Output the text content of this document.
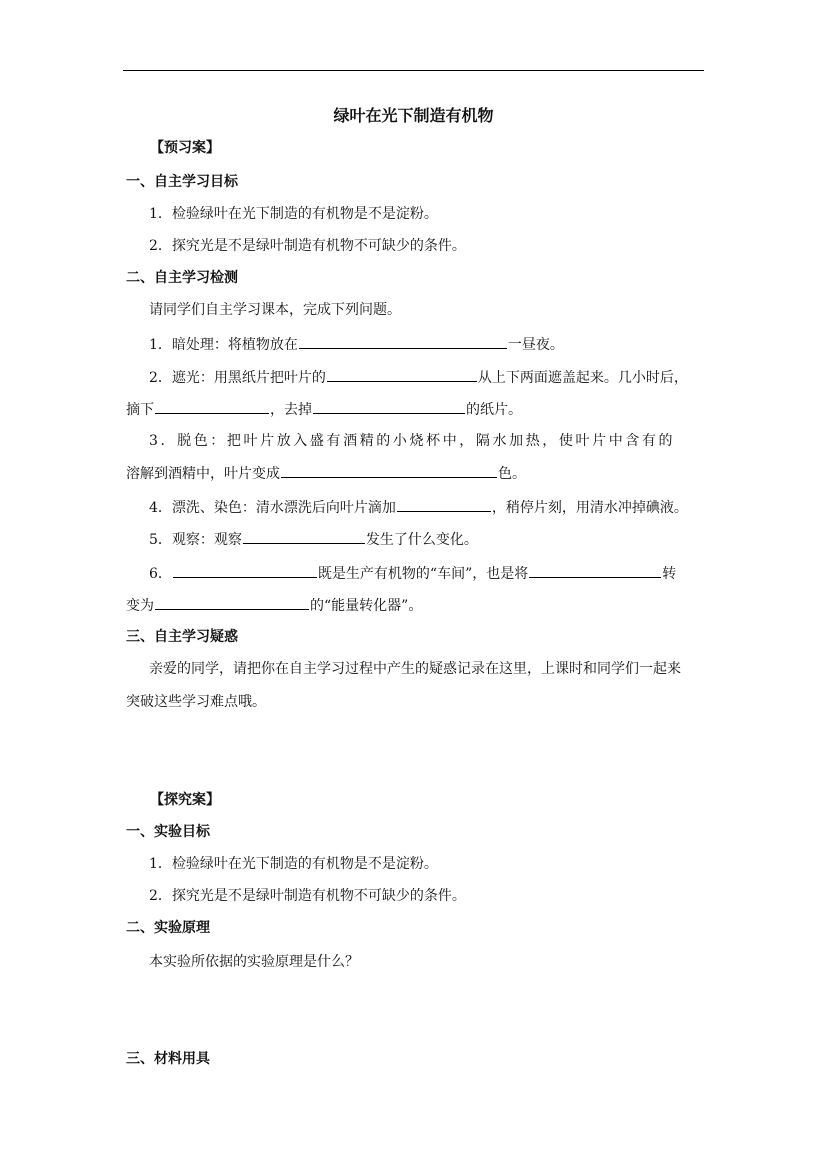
绿叶在光下制造有机物
【预习案】
一、自主学习目标
1．检验绿叶在光下制造的有机物是不是淀粉。
2．探究光是不是绿叶制造有机物不可缺少的条件。
二、自主学习检测
请同学们自主学习课本，完成下列问题。
1．暗处理：将植物放在	一昼夜。
2．遮光：用黑纸片把叶片的	从上下两面遮盖起来。几小时后，
摘下	，去掉	的纸片。
3．脱色：把叶片放入盛有酒精的小烧杯中，隔水加热，使叶片中含有的
溶解到酒精中，叶片变成	色。
4．漂洗、染色：清水漂洗后向叶片滴加	，稍停片刻，用清水冲掉碘液。
5．观察：观察	发生了什么变化。
6．	既是生产有机物的“车间”，也是将	转
变为	的“能量转化器”。
三、自主学习疑惑
亲爱的同学，请把你在自主学习过程中产生的疑惑记录在这里，上课时和同学们一起来
突破这些学习难点哦。
【探究案】
一、实验目标
1．检验绿叶在光下制造的有机物是不是淀粉。
2．探究光是不是绿叶制造有机物不可缺少的条件。
二、实验原理
本实验所依据的实验原理是什么？
三、材料用具
